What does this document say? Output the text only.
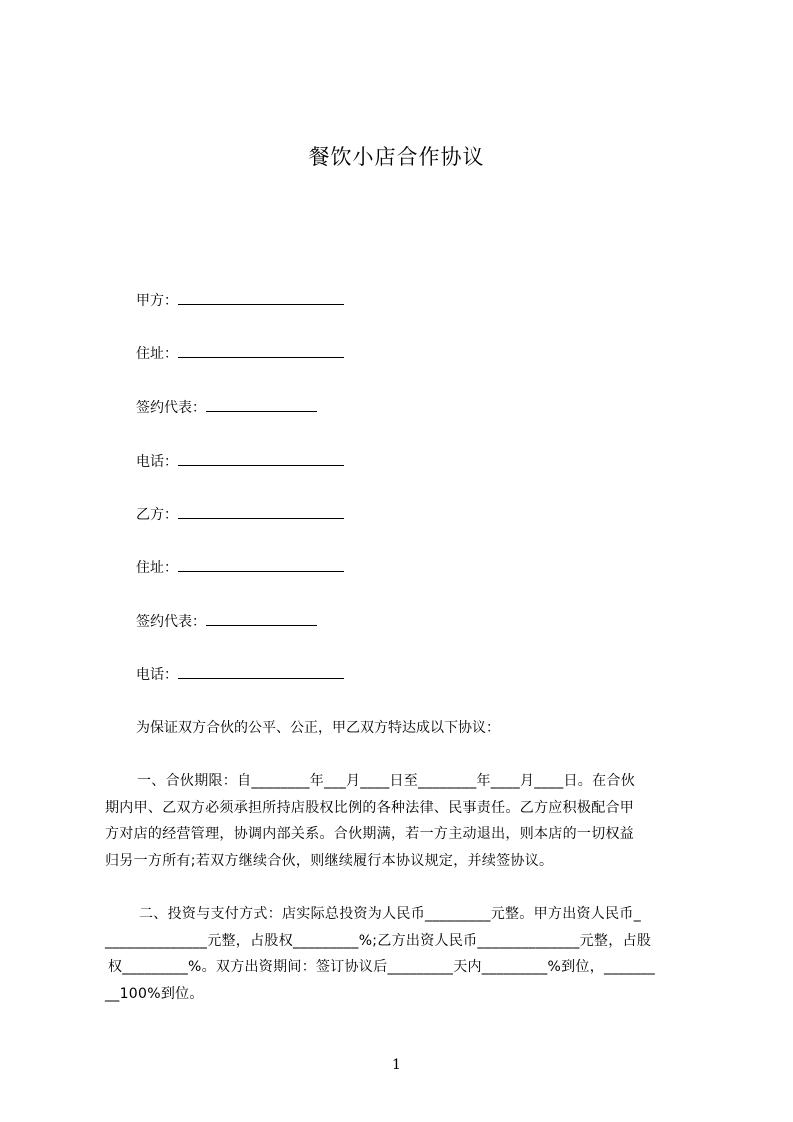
餐饮小店合作协议
甲方：
住址：
签约代表：
电话：
乙方：
住址：
签约代表：
电话：
为保证双方合伙的公平、公正，甲乙双方特达成以下协议：
一、合伙期限：自________年___月____日至________年____月____日。在合伙
期内甲、乙双方必须承担所持店股权比例的各种法律、民事责任。乙方应积极配合甲
方对店的经营管理，协调内部关系。合伙期满，若一方主动退出，则本店的一切权益
归另一方所有;若双方继续合伙，则继续履行本协议规定，并续签协议。
二、投资与支付方式：店实际总投资为人民币_________元整。甲方出资人民币_
______________元整，占股权_________%;乙方出资人民币______________元整，占股
权_________%。双方出资期间：签订协议后_________天内_________%到位，_______
__100%到位。
1
